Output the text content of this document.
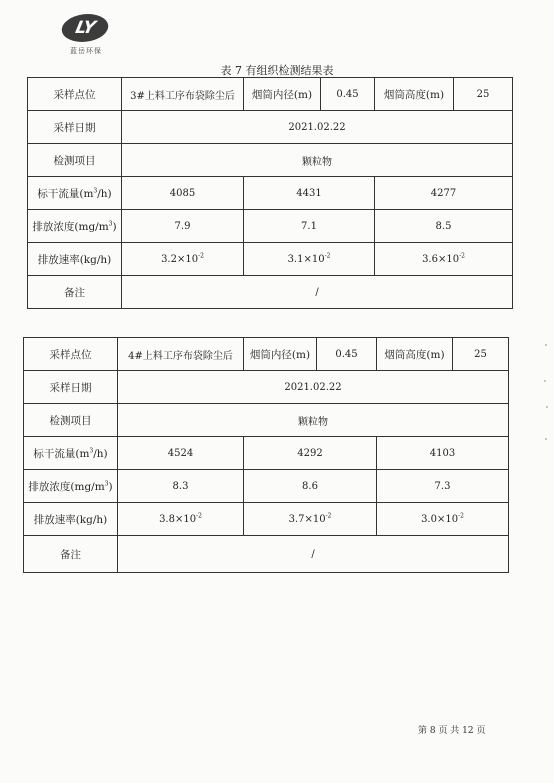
LY
蓝岳环保
表 7 有组织检测结果表
采样点位	3#上料工序布袋除尘后	烟筒内径(m)	0.45	烟筒高度(m)	25
采样日期	2021.02.22				
检测项目	颗粒物				
标干流量$(m^3/h)$	4085	4431		4277	
排放浓度$(mg/m^3)$	7.9	7.1		8.5	
排放速率(kg/h)	$3.2\times 10^{-2}$	$3.1\times 10^{-2}$		$3.6\times 10^{-2}$
备注	/				
采样点位	4#上料工序布袋除尘后	烟筒内径(m)	0.45	烟筒高度(m)	25
采样日期	2021.02.22				
检测项目	颗粒物				
标干流量$(m^3/h)$	4524	4292		4103	
排放浓度$(mg/m^3)$	8.3	8.6		7.3	
排放速率(kg/h)	$3.8\times 10^{-2}$	$3.7\times 10^{-2}$		$3.0\times 10^{-2}$
备注	/				
第 8 页 共 12 页
